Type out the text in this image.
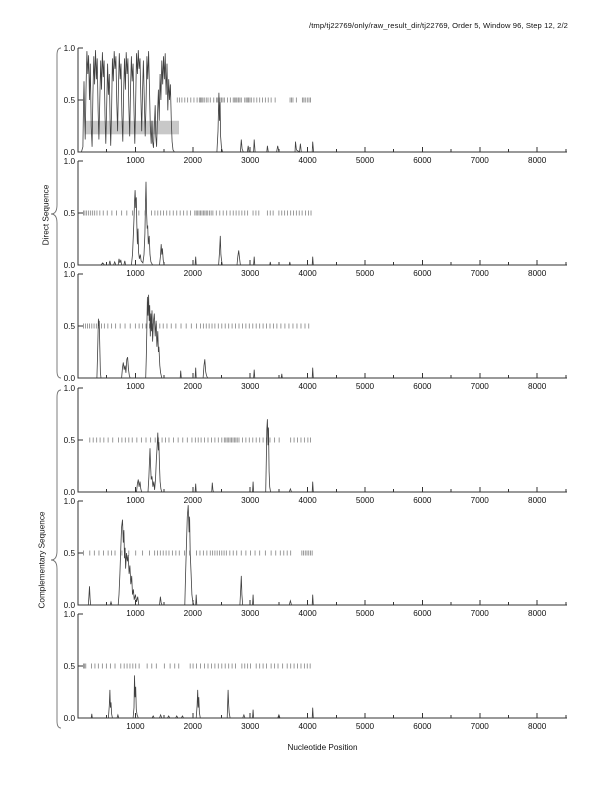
/tmp/tj22769/only/raw_result_dir/tj22769, Order 5, Window 96, Step 12, 2/2
Direct Sequence
Complementary Sequence
1.0
0.5
0.0
1000	2000	3000	4000	5000	6000	7000	8000
1.0
0.5
0.0
1000	2000	3000	4000	5000	6000	7000	8000
1.0
0.5
0.0
1000	2000	3000	4000	5000	6000	7000	8000
1.0
0.5
0.0
1000	2000	3000	4000	5000	6000	7000	8000
1.0
0.5
0.0
1000	2000	3000	4000	5000	6000	7000	8000
1.0
0.5
0.0
1000	2000	3000	4000	5000	6000	7000	8000
Nucleotide Position
